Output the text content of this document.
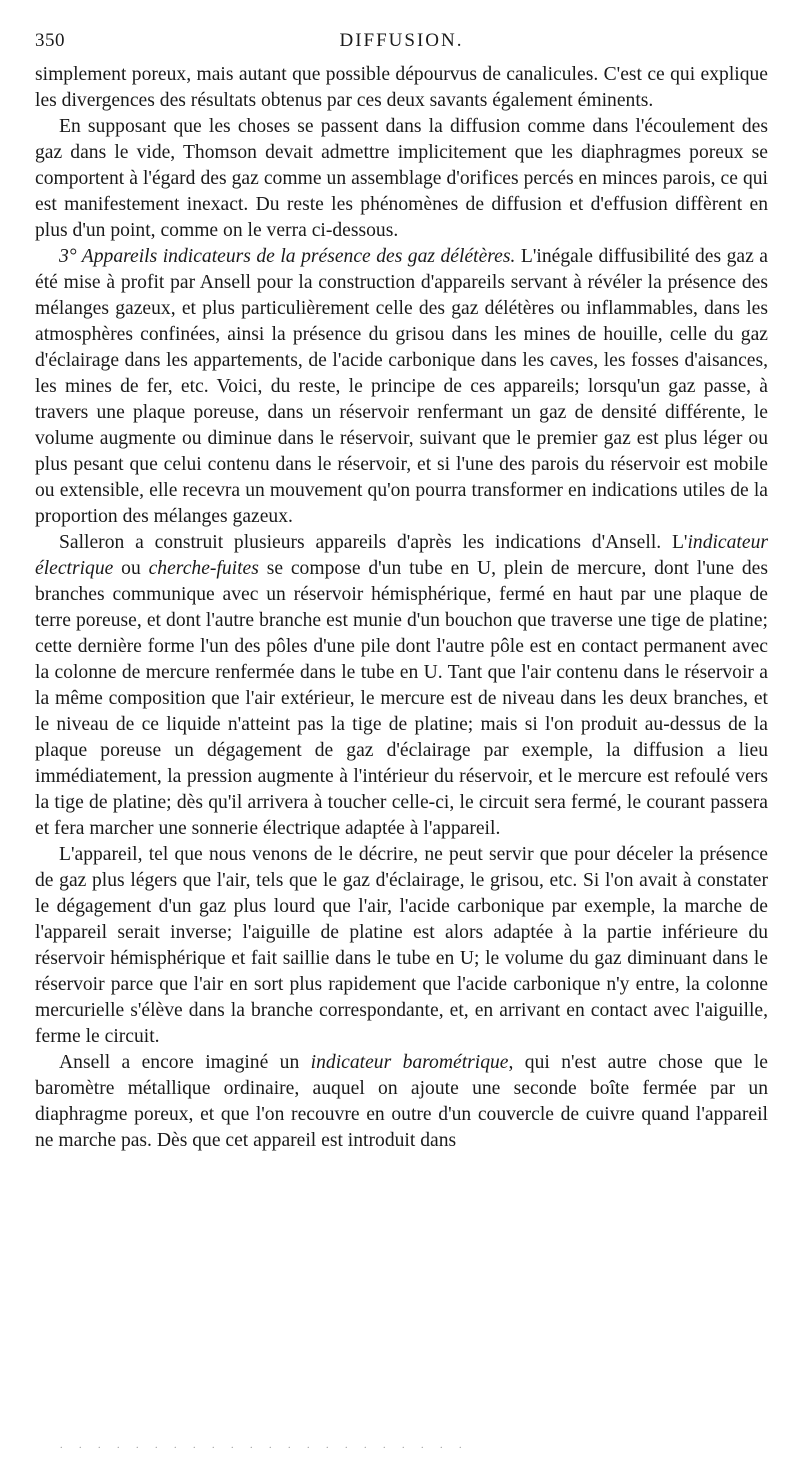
350	DIFFUSION.

simplement poreux, mais autant que possible dépourvus de canalicules. C'est ce qui explique les divergences des résultats obtenus par ces deux savants également éminents.

En supposant que les choses se passent dans la diffusion comme dans l'écoulement des gaz dans le vide, Thomson devait admettre implicitement que les diaphragmes poreux se comportent à l'égard des gaz comme un assemblage d'orifices percés en minces parois, ce qui est manifestement inexact. Du reste les phénomènes de diffusion et d'effusion diffèrent en plus d'un point, comme on le verra ci-dessous.

3° Appareils indicateurs de la présence des gaz délétères. L'inégale diffusibilité des gaz a été mise à profit par Ansell pour la construction d'appareils servant à révéler la présence des mélanges gazeux, et plus particulièrement celle des gaz délétères ou inflammables, dans les atmosphères confinées, ainsi la présence du grisou dans les mines de houille, celle du gaz d'éclairage dans les appartements, de l'acide carbonique dans les caves, les fosses d'aisances, les mines de fer, etc. Voici, du reste, le principe de ces appareils; lorsqu'un gaz passe, à travers une plaque poreuse, dans un réservoir renfermant un gaz de densité différente, le volume augmente ou diminue dans le réservoir, suivant que le premier gaz est plus léger ou plus pesant que celui contenu dans le réservoir, et si l'une des parois du réservoir est mobile ou extensible, elle recevra un mouvement qu'on pourra transformer en indications utiles de la proportion des mélanges gazeux.

Salleron a construit plusieurs appareils d'après les indications d'Ansell. L'indicateur électrique ou cherche-fuites se compose d'un tube en U, plein de mercure, dont l'une des branches communique avec un réservoir hémisphérique, fermé en haut par une plaque de terre poreuse, et dont l'autre branche est munie d'un bouchon que traverse une tige de platine; cette dernière forme l'un des pôles d'une pile dont l'autre pôle est en contact permanent avec la colonne de mercure renfermée dans le tube en U. Tant que l'air contenu dans le réservoir a la même composition que l'air extérieur, le mercure est de niveau dans les deux branches, et le niveau de ce liquide n'atteint pas la tige de platine; mais si l'on produit au-dessus de la plaque poreuse un dégagement de gaz d'éclairage par exemple, la diffusion a lieu immédiatement, la pression augmente à l'intérieur du réservoir, et le mercure est refoulé vers la tige de platine; dès qu'il arrivera à toucher celle-ci, le circuit sera fermé, le courant passera et fera marcher une sonnerie électrique adaptée à l'appareil.

L'appareil, tel que nous venons de le décrire, ne peut servir que pour déceler la présence de gaz plus légers que l'air, tels que le gaz d'éclairage, le grisou, etc. Si l'on avait à constater le dégagement d'un gaz plus lourd que l'air, l'acide carbonique par exemple, la marche de l'appareil serait inverse; l'aiguille de platine est alors adaptée à la partie inférieure du réservoir hémisphérique et fait saillie dans le tube en U; le volume du gaz diminuant dans le réservoir parce que l'air en sort plus rapidement que l'acide carbonique n'y entre, la colonne mercurielle s'élève dans la branche correspondante, et, en arrivant en contact avec l'aiguille, ferme le circuit.

Ansell a encore imaginé un indicateur barométrique, qui n'est autre chose que le baromètre métallique ordinaire, auquel on ajoute une seconde boîte fermée par un diaphragme poreux, et que l'on recouvre en outre d'un couvercle de cuivre quand l'appareil ne marche pas. Dès que cet appareil est introduit dans

. . . . . . . . . . . . . . . . . . . . . .
